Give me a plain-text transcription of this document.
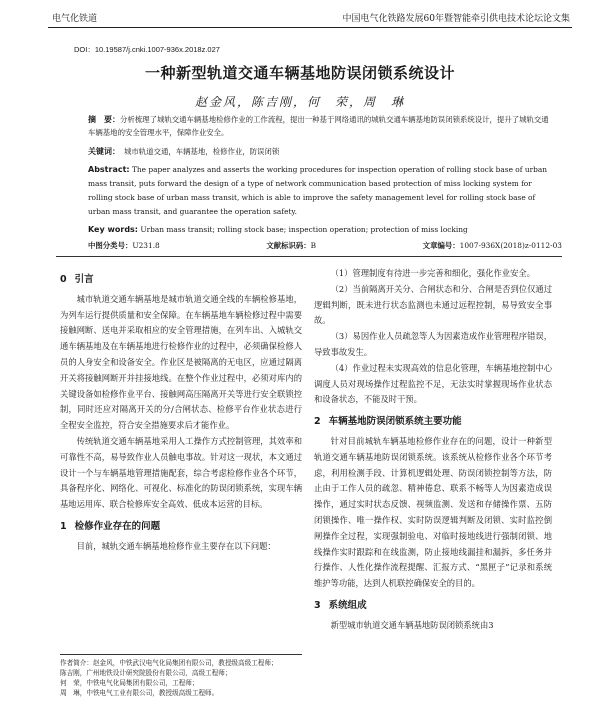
电气化铁道	中国电气化铁路发展60年暨智能牵引供电技术论坛论文集
DOI：10.19587/j.cnki.1007-936x.2018z.027
一种新型轨道交通车辆基地防误闭锁系统设计
赵金风，陈吉刚，何　荣，周　琳
摘　要：分析梳理了城轨交通车辆基地检修作业的工作流程，提出一种基于网络通讯的城轨交通车辆基地防误闭锁系统设计，提升了城轨交通车辆基地的安全管理水平，保障作业安全。
关键词： 城市轨道交通，车辆基地，检修作业，防误闭锁
Abstract: The paper analyzes and asserts the working procedures for inspection operation of rolling stock base of urban mass transit, puts forward the design of a type of network communication based protection of miss locking system for rolling stock base of urban mass transit, which is able to improve the safety management level for rolling stock base of urban mass transit, and guarantee the operation safety.
Key words: Urban mass transit; rolling stock base; inspection operation; protection of miss locking
中图分类号：U231.8	文献标识码：B	文章编号：1007-936X(2018)z-0112-03
0 引言

城市轨道交通车辆基地是城市轨道交通全线的车辆检修基地，为列车运行提供质量和安全保障。在车辆基地车辆检修过程中需要接触网断、送电并采取相应的安全管理措施，在列车出、入城轨交通车辆基地及在车辆基地进行检修作业的过程中，必须确保检修人员的人身安全和设备安全。作业区是被隔离的无电区，应通过隔离开关将接触网断开并挂接地线。在整个作业过程中，必须对库内的关键设备如检修作业平台、接触网高压隔离开关等进行安全联锁控制，同时还应对隔离开关的分/合闸状态、检修平台作业状态进行全程安全监控，符合安全措施要求后才能作业。

传统轨道交通车辆基地采用人工操作方式控制管理，其效率和可靠性不高，易导致作业人员触电事故。针对这一现状，本文通过设计一个与车辆基地管理措施配套，综合考虑检修作业各个环节，具备程序化、网络化、可视化、标准化的防误闭锁系统，实现车辆基地运用库、联合检修库安全高效、低成本运营的目标。

1 检修作业存在的问题

目前，城轨交通车辆基地检修作业主要存在以下问题：

作者简介：赵金风，中铁武汉电气化局集团有限公司，教授级高级工程师；
陈吉刚，广州地铁设计研究院股份有限公司，高级工程师；
何　荣，中铁电气化局集团有限公司，工程师；
周　琳，中铁电气工业有限公司，教授级高级工程师。

（1）管理制度有待进一步完善和细化，强化作业安全。

（2）当前隔离开关分、合闸状态和分、合闸是否到位仅通过逻辑判断，既未进行状态监测也未通过远程控制，易导致安全事故。

（3）易因作业人员疏忽等人为因素造成作业管理程序错误，导致事故发生。

（4）作业过程未实现高效的信息化管理，车辆基地控制中心调度人员对现场操作过程监控不足，无法实时掌握现场作业状态和设备状态，不能及时干预。

2 车辆基地防误闭锁系统主要功能

针对目前城轨车辆基地检修作业存在的问题，设计一种新型轨道交通车辆基地防误闭锁系统。该系统从检修作业各个环节考虑，利用检测手段、计算机逻辑处理、防误闭锁控制等方法，防止由于工作人员的疏忽、精神倦怠、联系不畅等人为因素造成误操作，通过实时状态反馈、视频监测、发送和存储操作票、五防闭锁操作、唯一操作权、实时防误逻辑判断及闭锁、实时监控倒闸操作全过程，实现强制验电、对临时接地线进行强制闭锁、地线操作实时跟踪和在线监测，防止接地线漏挂和漏拆，多任务并行操作、人性化操作流程提醒、汇报方式、“黑匣子”记录和系统维护等功能，达到人机联控确保安全的目的。

3 系统组成

新型城市轨道交通车辆基地防误闭锁系统由3
